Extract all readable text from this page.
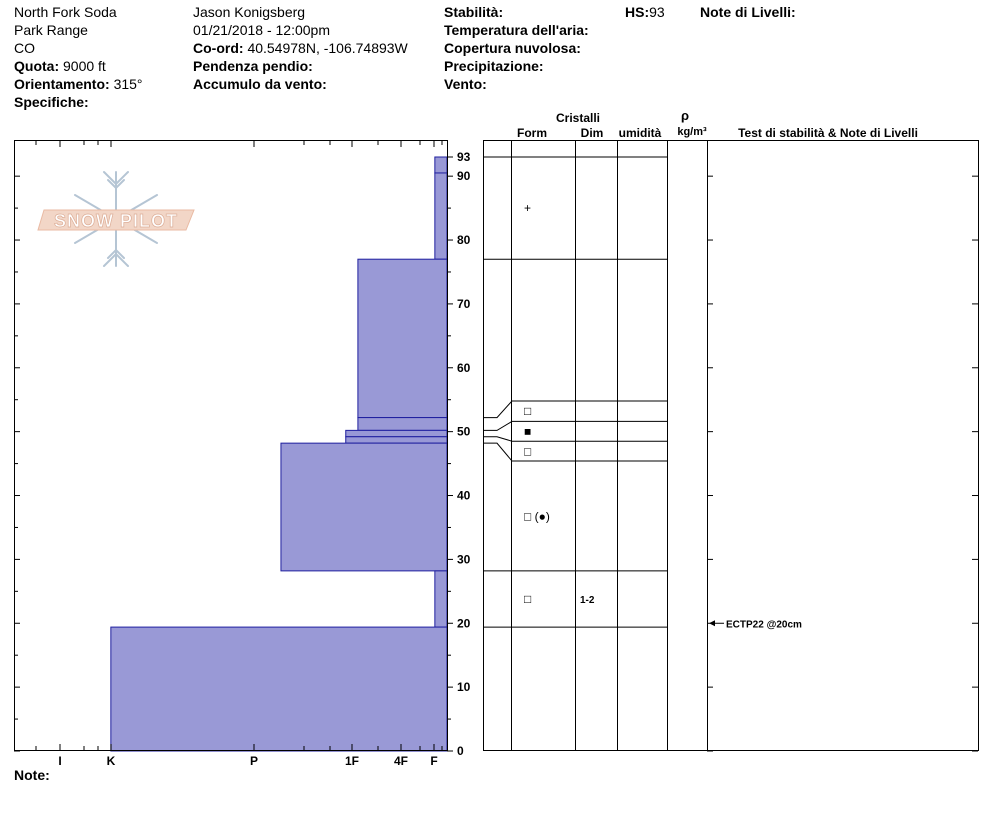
North Fork Soda
Park Range
CO
Quota: 9000 ft
Orientamento: 315°
Specifiche:
Jason Konigsberg
01/21/2018 - 12:00pm
Co-ord: 40.54978N, -106.74893W
Pendenza pendio:
Accumulo da vento:
Stabilità:
Temperatura dell'aria:
Copertura nuvolosa:
Precipitazione:
Vento:
HS:93	Note di Livelli:
Note:
SNOW PILOT
I	K	P	1F	4F F
0
10
20
30
40
50
60
70
80
90
93
Cristalli
Form	Dim umidità
ρ
kg/m³	Test di stabilità & Note di Livelli
+
□
■
□
□ (●)
□	1-2
ECTP22 @20cm
